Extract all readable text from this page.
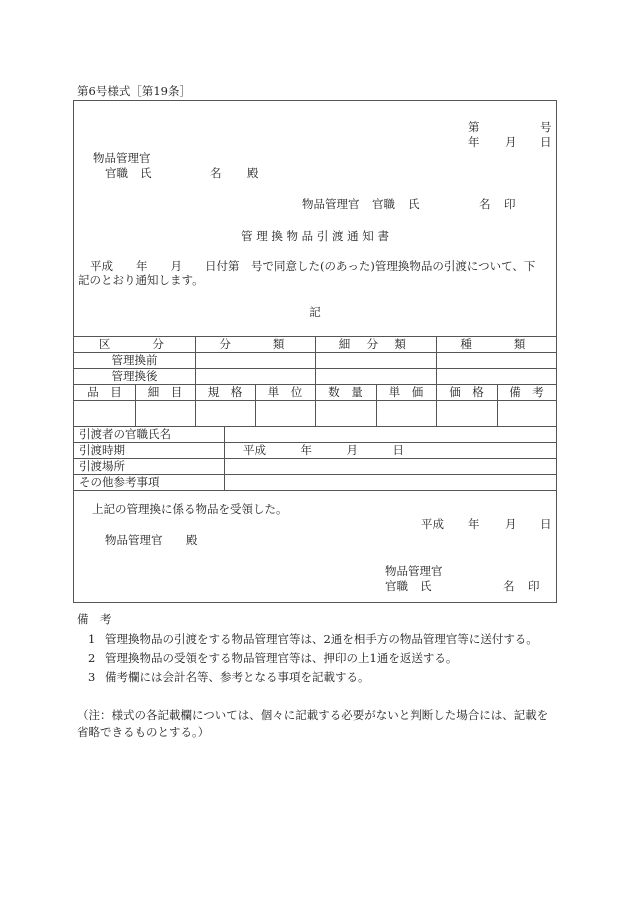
第6号様式［第19条］
第	号
年 月 日
物品管理官
官職 氏	名 殿
物品管理官 官職 氏	名 印
管 理 換 物 品 引 渡 通 知 書
平成　　年　　月　　日付第　号で同意した(のあった)管理換物品の引渡について、下
記のとおり通知します。
記
区　　分	分　　類	細 分 類	種　　類
管理換前
管理換後
品　目	細　目	規　格	単　位	数　量	単　価	価　格	備　考
引渡者の官職氏名
引渡時期	平成　　　年　　　月　　　日
引渡場所
その他参考事項
上記の管理換に係る物品を受領した。
平成 年 月 日
物品管理官 殿
物品管理官
官職 氏	名 印
備　考
1 管理換物品の引渡をする物品管理官等は、2通を相手方の物品管理官等に送付する。
2 管理換物品の受領をする物品管理官等は、押印の上1通を返送する。
3 備考欄には会計名等、参考となる事項を記載する。
（注：様式の各記載欄については、個々に記載する必要がないと判断した場合には、記載を
省略できるものとする。）
